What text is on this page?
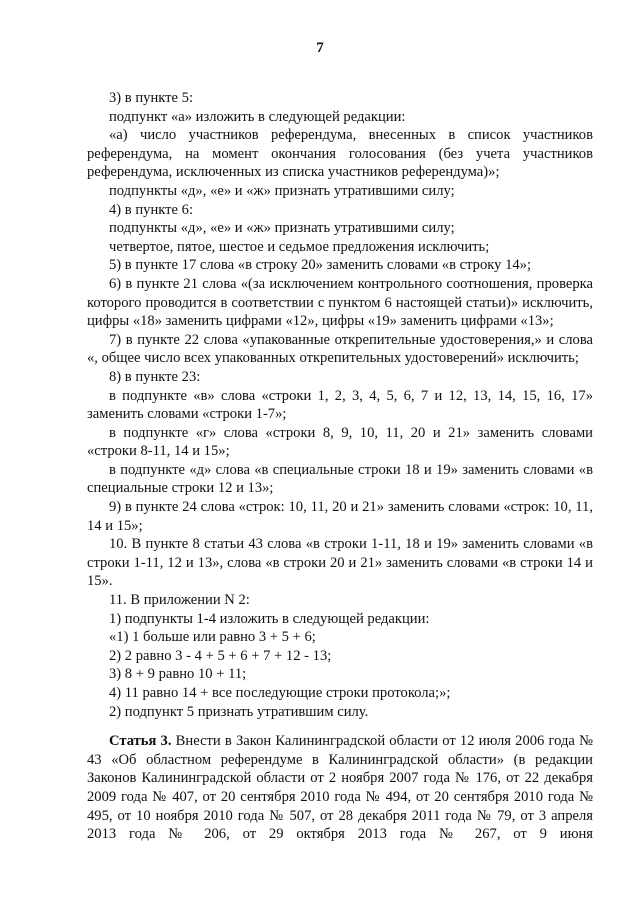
7

3) в пункте 5:

подпункт «а» изложить в следующей редакции:

«а) число участников референдума, внесенных в список участников референдума, на момент окончания голосования (без учета участников референдума, исключенных из списка участников референдума)»;

подпункты «д», «е» и «ж» признать утратившими силу;

4) в пункте 6:

подпункты «д», «е» и «ж» признать утратившими силу;

четвертое, пятое, шестое и седьмое предложения исключить;

5) в пункте 17 слова «в строку 20» заменить словами «в строку 14»;

6) в пункте 21 слова «(за исключением контрольного соотношения, проверка которого проводится в соответствии с пунктом 6 настоящей статьи)» исключить, цифры «18» заменить цифрами «12», цифры «19» заменить цифрами «13»;

7) в пункте 22 слова «упакованные открепительные удостоверения,» и слова «, общее число всех упакованных открепительных удостоверений» исключить;

8) в пункте 23:

в подпункте «в» слова «строки 1, 2, 3, 4, 5, 6, 7 и 12, 13, 14, 15, 16, 17» заменить словами «строки 1-7»;

в подпункте «г» слова «строки 8, 9, 10, 11, 20 и 21» заменить словами «строки 8-11, 14 и 15»;

в подпункте «д» слова «в специальные строки 18 и 19» заменить словами «в специальные строки 12 и 13»;

9) в пункте 24 слова «строк: 10, 11, 20 и 21» заменить словами «строк: 10, 11, 14 и 15»;

10. В пункте 8 статьи 43 слова «в строки 1-11, 18 и 19» заменить словами «в строки 1-11, 12 и 13», слова «в строки 20 и 21» заменить словами «в строки 14 и 15».

11. В приложении N 2:

1) подпункты 1-4 изложить в следующей редакции:

«1) 1 больше или равно 3 + 5 + 6;

2) 2 равно 3 - 4 + 5 + 6 + 7 + 12 - 13;

3) 8 + 9 равно 10 + 11;

4) 11 равно 14 + все последующие строки протокола;»;

2) подпункт 5 признать утратившим силу.

Статья 3. Внести в Закон Калининградской области от 12 июля 2006 года № 43 «Об областном референдуме в Калининградской области» (в редакции Законов Калининградской области от 2 ноября 2007 года № 176, от 22 декабря 2009 года № 407, от 20 сентября 2010 года № 494, от 20 сентября 2010 года № 495, от 10 ноября 2010 года № 507, от 28 декабря 2011 года № 79, от 3 апреля 2013 года № 206, от 29 октября 2013 года № 267, от 9 июня
